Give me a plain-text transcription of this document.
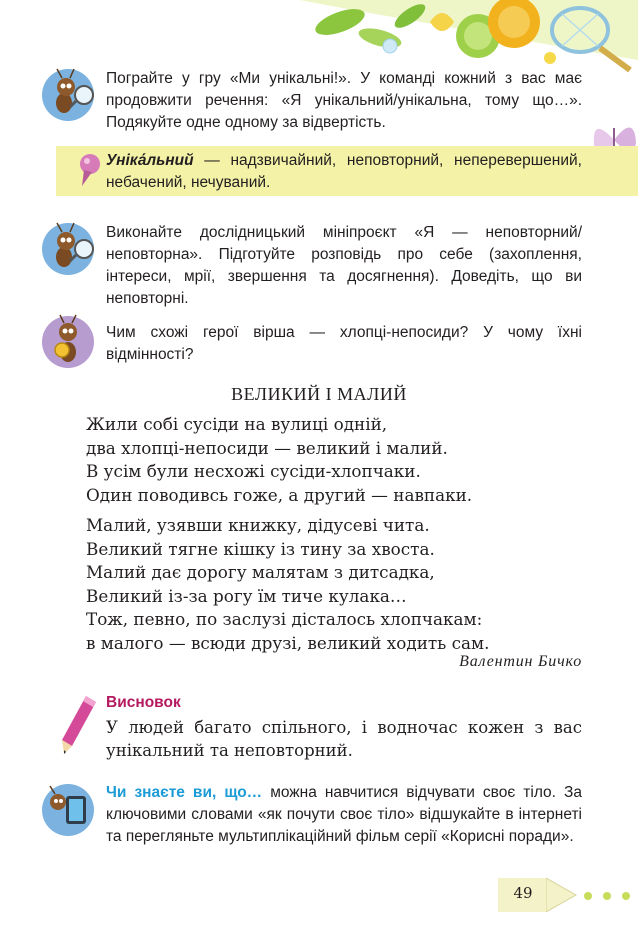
Пограйте у гру «Ми унікальні!». У команді кожний з вас має продовжити речення: «Я унікальний/унікальна, тому що…». Подякуйте одне одному за відвертість.
Унiка́льний — надзвичайний, неповторний, неперевершений, небачений, нечуваний.
Виконайте дослідницький мініпроєкт «Я — неповторний/ неповторна». Підготуйте розповідь про себе (захоплення, інтереси, мрії, звершення та досягнення). Доведіть, що ви неповторні.
Чим схожі герої вірша — хлопці-непосиди? У чому їхні відмінності?
ВЕЛИКИЙ І МАЛИЙ
Жили собі сусіди на вулиці одній,
два хлопці-непосиди — великий і малий.
В усім були несхожі сусіди-хлопчаки.
Один поводивсь гоже, а другий — навпаки.
Малий, узявши книжку, дідусеві чита.
Великий тягне кішку із тину за хвоста.
Малий дає дорогу малятам з дитсадка,
Великий із-за рогу їм тиче кулака…
Тож, певно, по заслузі дісталось хлопчакам:
в малого — всюди друзі, великий ходить сам.
Валентин Бичко
Висновок
У людей багато спільного, і водночас кожен з вас унікальний та неповторний.
Чи знаєте ви, що… можна навчитися відчувати своє тіло. За ключовими словами «як почути своє тіло» відшукайте в інтернеті та перегляньте мультиплікаційний фільм серії «Корисні поради».
49
